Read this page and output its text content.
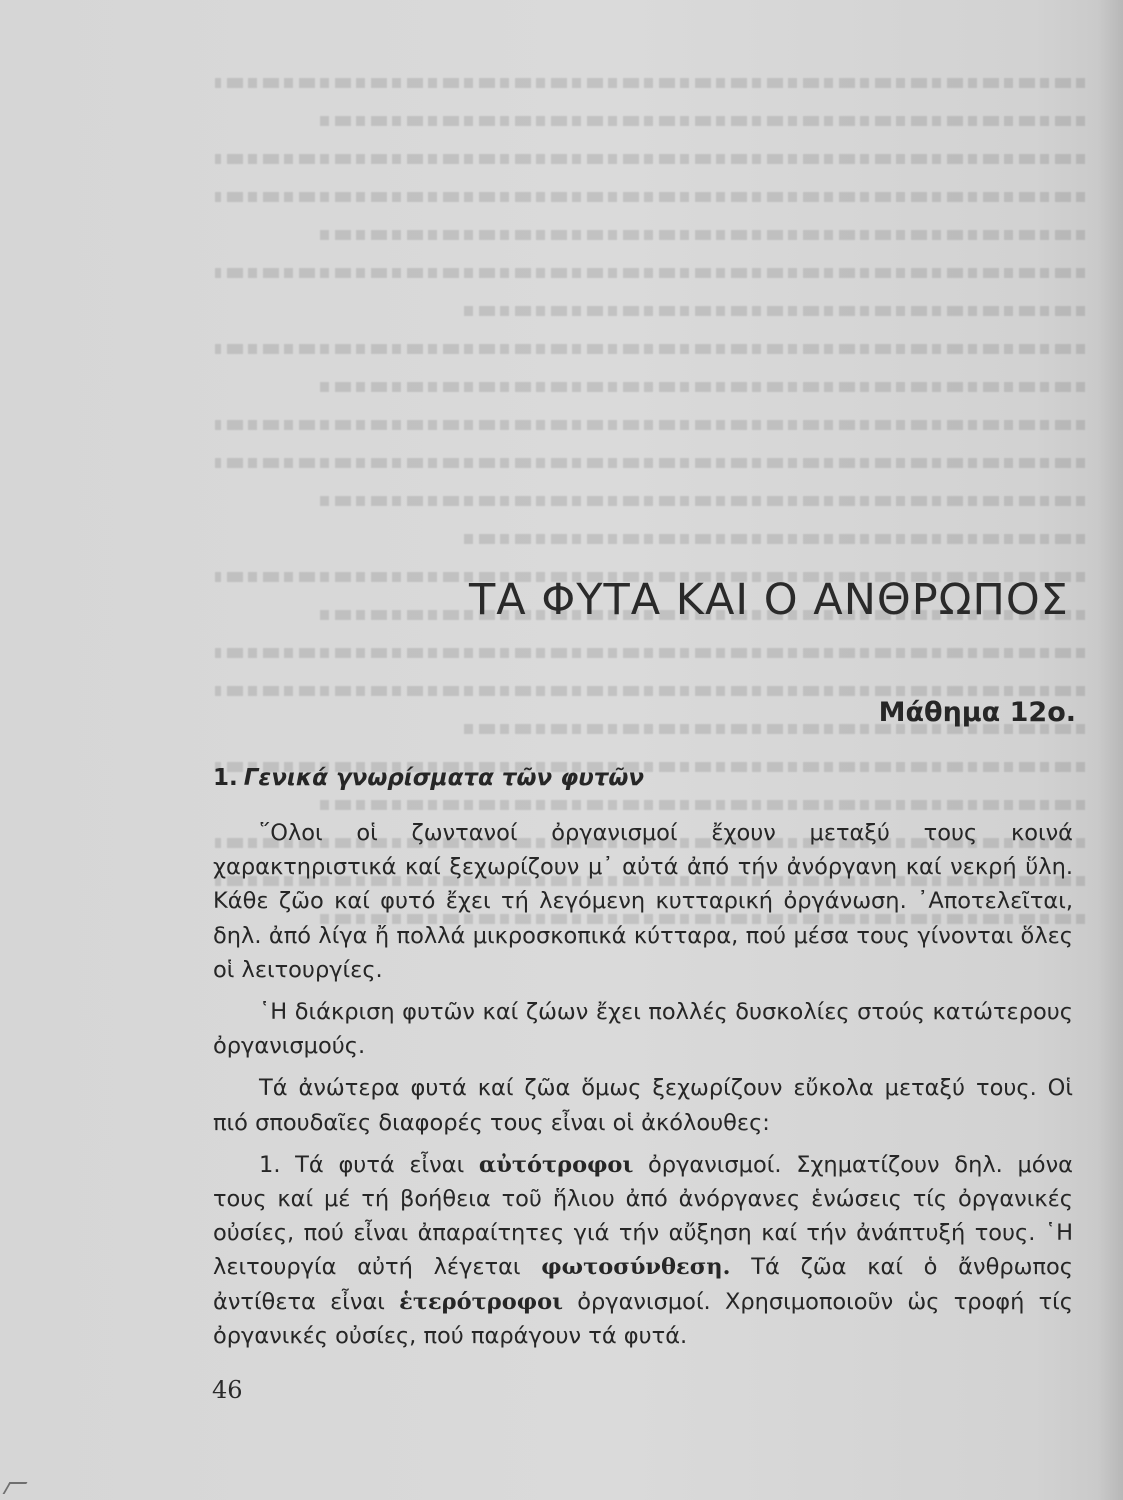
ΤΑ ΦΥΤΑ ΚΑΙ Ο ΑΝΘΡΩΠΟΣ

Μάθημα 12ο.

1. Γενικά γνωρίσματα τῶν φυτῶν

῞Ολοι οἱ ζωντανοί ὀργανισμοί ἔχουν μεταξύ τους κοινά χαρακτηριστικά καί ξεχωρίζουν μ᾿ αὐτά ἀπό τήν ἀνόργανη καί νεκρή ὕλη. Κάθε ζῶο καί φυτό ἔχει τή λεγόμενη κυτταρική ὀργάνωση. ᾿Αποτελεῖται, δηλ. ἀπό λίγα ἤ πολλά μικροσκοπικά κύτταρα, πού μέσα τους γίνονται ὅλες οἱ λειτουργίες.

῾Η διάκριση φυτῶν καί ζώων ἔχει πολλές δυσκολίες στούς κατώτερους ὀργανισμούς.

Τά ἀνώτερα φυτά καί ζῶα ὅμως ξεχωρίζουν εὔκολα μεταξύ τους. Οἱ πιό σπουδαῖες διαφορές τους εἶναι οἱ ἀκόλουθες:

1. Τά φυτά εἶναι αὐτότροφοι ὀργανισμοί. Σχηματίζουν δηλ. μόνα τους καί μέ τή βοήθεια τοῦ ἥλιου ἀπό ἀνόργανες ἑνώσεις τίς ὀργανικές οὐσίες, πού εἶναι ἀπαραίτητες γιά τήν αὔξηση καί τήν ἀνάπτυξή τους. ῾Η λειτουργία αὐτή λέγεται φωτοσύνθεση. Τά ζῶα καί ὁ ἄνθρωπος ἀντίθετα εἶναι ἑτερότροφοι ὀργανισμοί. Χρησιμοποιοῦν ὡς τροφή τίς ὀργανικές οὐσίες, πού παράγουν τά φυτά.

46
